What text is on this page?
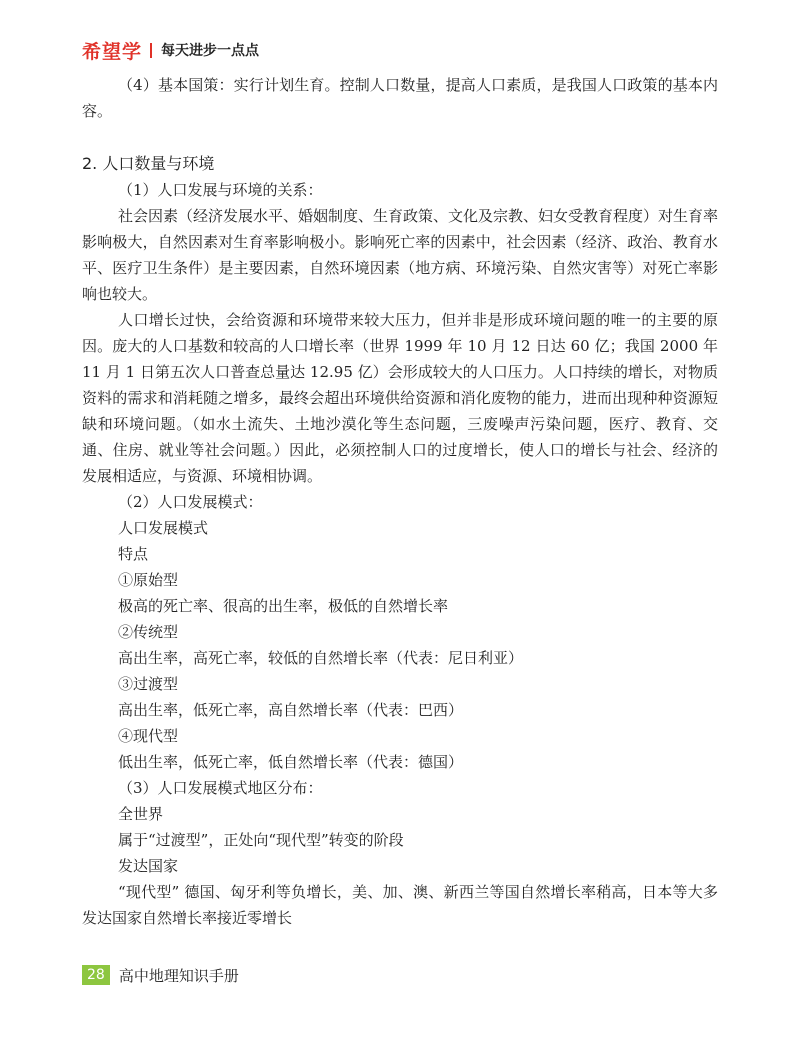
希望学 每天进步一点点

（4）基本国策：实行计划生育。控制人口数量，提高人口素质，是我国人口政策的基本内容。

2. 人口数量与环境

（1）人口发展与环境的关系：

社会因素（经济发展水平、婚姻制度、生育政策、文化及宗教、妇女受教育程度）对生育率影响极大，自然因素对生育率影响极小。影响死亡率的因素中，社会因素（经济、政治、教育水平、医疗卫生条件）是主要因素，自然环境因素（地方病、环境污染、自然灾害等）对死亡率影响也较大。

人口增长过快，会给资源和环境带来较大压力，但并非是形成环境问题的唯一的主要的原因。庞大的人口基数和较高的人口增长率（世界 1999 年 10 月 12 日达 60 亿；我国 2000 年 11 月 1 日第五次人口普查总量达 12.95 亿）会形成较大的人口压力。人口持续的增长，对物质资料的需求和消耗随之增多，最终会超出环境供给资源和消化废物的能力，进而出现种种资源短缺和环境问题。（如水土流失、土地沙漠化等生态问题，三废噪声污染问题，医疗、教育、交通、住房、就业等社会问题。）因此，必须控制人口的过度增长，使人口的增长与社会、经济的发展相适应，与资源、环境相协调。

（2）人口发展模式：

人口发展模式

特点

①原始型

极高的死亡率、很高的出生率，极低的自然增长率

②传统型

高出生率，高死亡率，较低的自然增长率（代表：尼日利亚）

③过渡型

高出生率，低死亡率，高自然增长率（代表：巴西）

④现代型

低出生率，低死亡率，低自然增长率（代表：德国）

（3）人口发展模式地区分布：

全世界

属于“过渡型”，正处向“现代型”转变的阶段

发达国家

“现代型” 德国、匈牙利等负增长，美、加、澳、新西兰等国自然增长率稍高，日本等大多发达国家自然增长率接近零增长

28 高中地理知识手册
